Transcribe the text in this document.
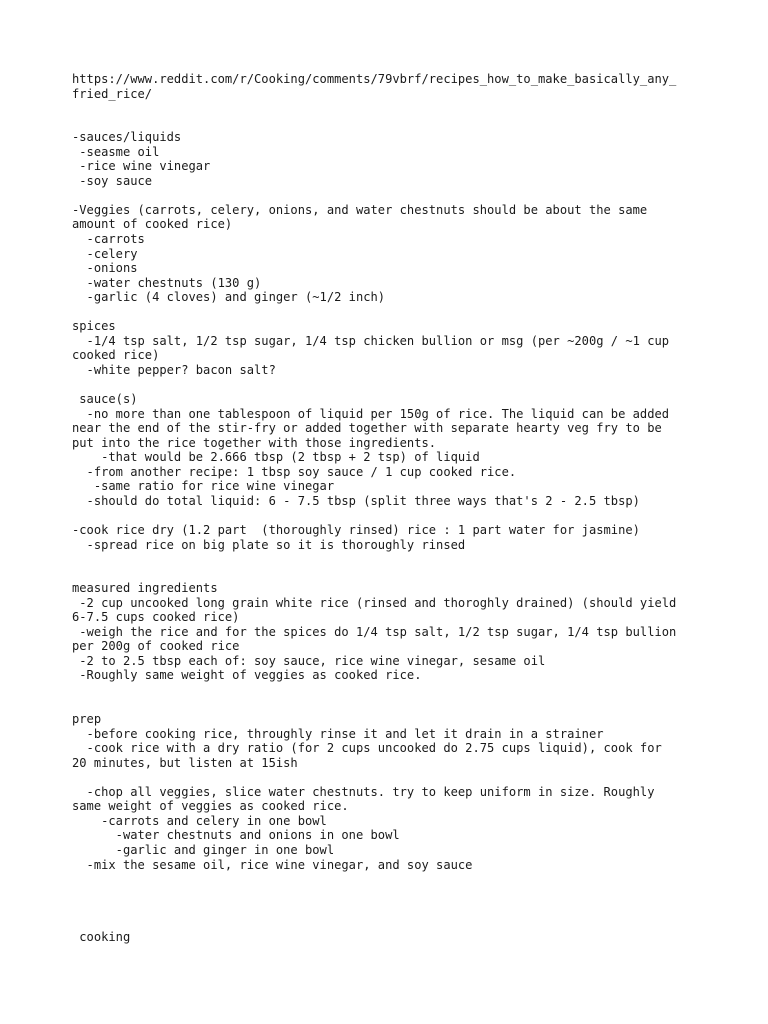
https://www.reddit.com/r/Cooking/comments/79vbrf/recipes_how_to_make_basically_any_
fried_rice/
-sauces/liquids
-seasme oil
-rice wine vinegar
-soy sauce
-Veggies (carrots, celery, onions, and water chestnuts should be about the same
amount of cooked rice)
-carrots
-celery
-onions
-water chestnuts (130 g)
-garlic (4 cloves) and ginger (~1/2 inch)
spices
-1/4 tsp salt, 1/2 tsp sugar, 1/4 tsp chicken bullion or msg (per ~200g / ~1 cup
cooked rice)
-white pepper? bacon salt?
sauce(s)
-no more than one tablespoon of liquid per 150g of rice. The liquid can be added
near the end of the stir-fry or added together with separate hearty veg fry to be
put into the rice together with those ingredients.
-that would be 2.666 tbsp (2 tbsp + 2 tsp) of liquid
-from another recipe: 1 tbsp soy sauce / 1 cup cooked rice.
-same ratio for rice wine vinegar
-should do total liquid: 6 - 7.5 tbsp (split three ways that's 2 - 2.5 tbsp)
-cook rice dry (1.2 part  (thoroughly rinsed) rice : 1 part water for jasmine)
-spread rice on big plate so it is thoroughly rinsed
measured ingredients
-2 cup uncooked long grain white rice (rinsed and thoroghly drained) (should yield
6-7.5 cups cooked rice)
-weigh the rice and for the spices do 1/4 tsp salt, 1/2 tsp sugar, 1/4 tsp bullion
per 200g of cooked rice
-2 to 2.5 tbsp each of: soy sauce, rice wine vinegar, sesame oil
-Roughly same weight of veggies as cooked rice.
prep
-before cooking rice, throughly rinse it and let it drain in a strainer
-cook rice with a dry ratio (for 2 cups uncooked do 2.75 cups liquid), cook for
20 minutes, but listen at 15ish
-chop all veggies, slice water chestnuts. try to keep uniform in size. Roughly
same weight of veggies as cooked rice.
-carrots and celery in one bowl
-water chestnuts and onions in one bowl
-garlic and ginger in one bowl
-mix the sesame oil, rice wine vinegar, and soy sauce
cooking
